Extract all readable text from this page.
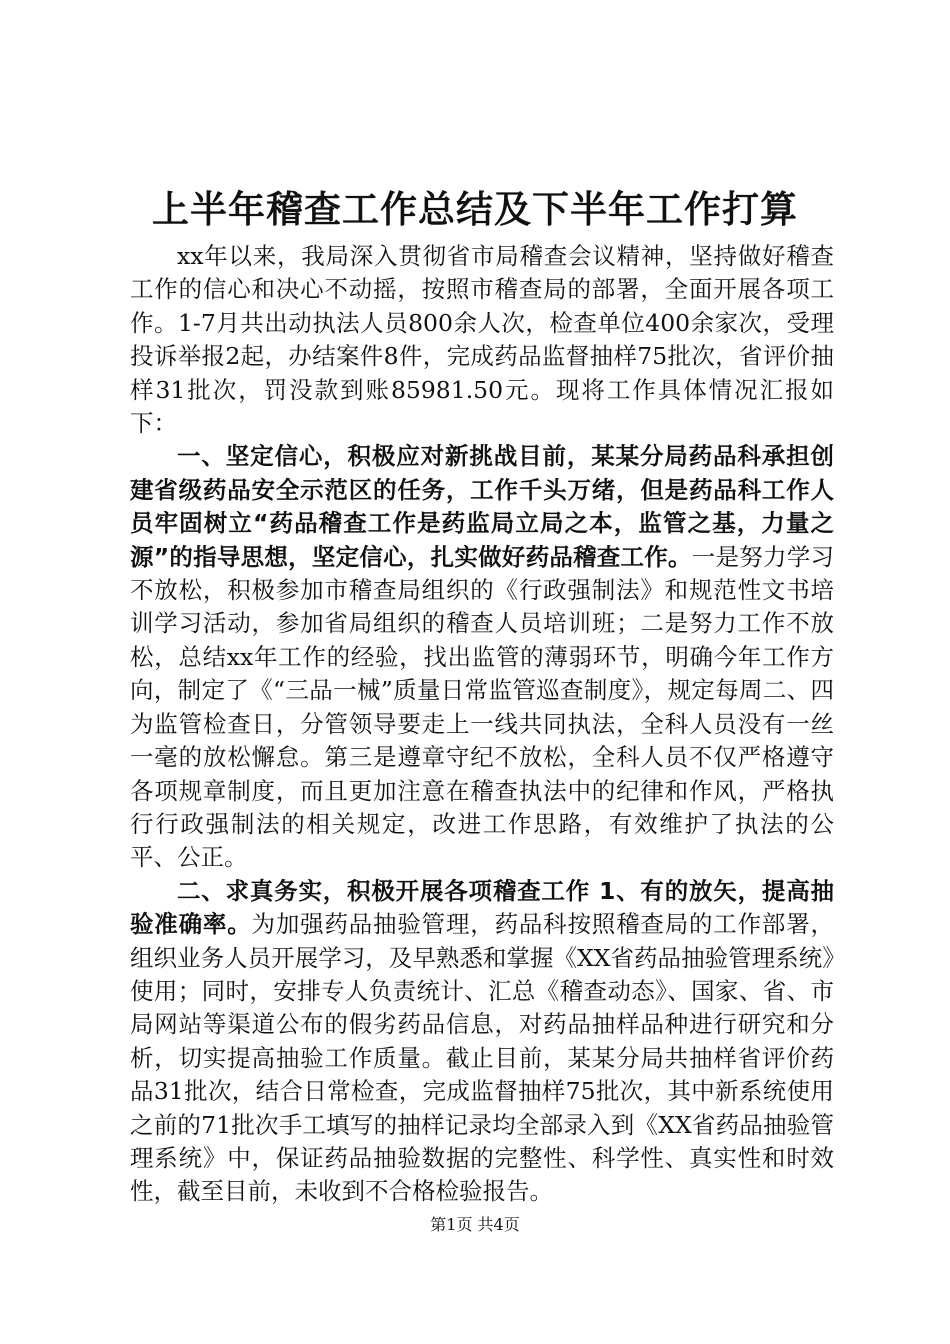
上半年稽查工作总结及下半年工作打算

xx年以来，我局深入贯彻省市局稽查会议精神，坚持做好稽查工作的信心和决心不动摇，按照市稽查局的部署，全面开展各项工作。1-7月共出动执法人员800余人次，检查单位400余家次，受理投诉举报2起，办结案件8件，完成药品监督抽样75批次，省评价抽样31批次，罚没款到账85981.50元。现将工作具体情况汇报如下：

一、坚定信心，积极应对新挑战目前，某某分局药品科承担创建省级药品安全示范区的任务，工作千头万绪，但是药品科工作人员牢固树立“药品稽查工作是药监局立局之本，监管之基，力量之源”的指导思想，坚定信心，扎实做好药品稽查工作。一是努力学习不放松，积极参加市稽查局组织的《行政强制法》和规范性文书培训学习活动，参加省局组织的稽查人员培训班；二是努力工作不放松，总结xx年工作的经验，找出监管的薄弱环节，明确今年工作方向，制定了《“三品一械”质量日常监管巡查制度》，规定每周二、四为监管检查日，分管领导要走上一线共同执法，全科人员没有一丝一毫的放松懈怠。第三是遵章守纪不放松，全科人员不仅严格遵守各项规章制度，而且更加注意在稽查执法中的纪律和作风，严格执行行政强制法的相关规定，改进工作思路，有效维护了执法的公平、公正。

二、求真务实，积极开展各项稽查工作 1、有的放矢，提高抽验准确率。为加强药品抽验管理，药品科按照稽查局的工作部署，组织业务人员开展学习，及早熟悉和掌握《XX省药品抽验管理系统》使用；同时，安排专人负责统计、汇总《稽查动态》、国家、省、市局网站等渠道公布的假劣药品信息，对药品抽样品种进行研究和分析，切实提高抽验工作质量。截止目前，某某分局共抽样省评价药品31批次，结合日常检查，完成监督抽样75批次，其中新系统使用之前的71批次手工填写的抽样记录均全部录入到《XX省药品抽验管理系统》中，保证药品抽验数据的完整性、科学性、真实性和时效性，截至目前，未收到不合格检验报告。

第1页 共4页
